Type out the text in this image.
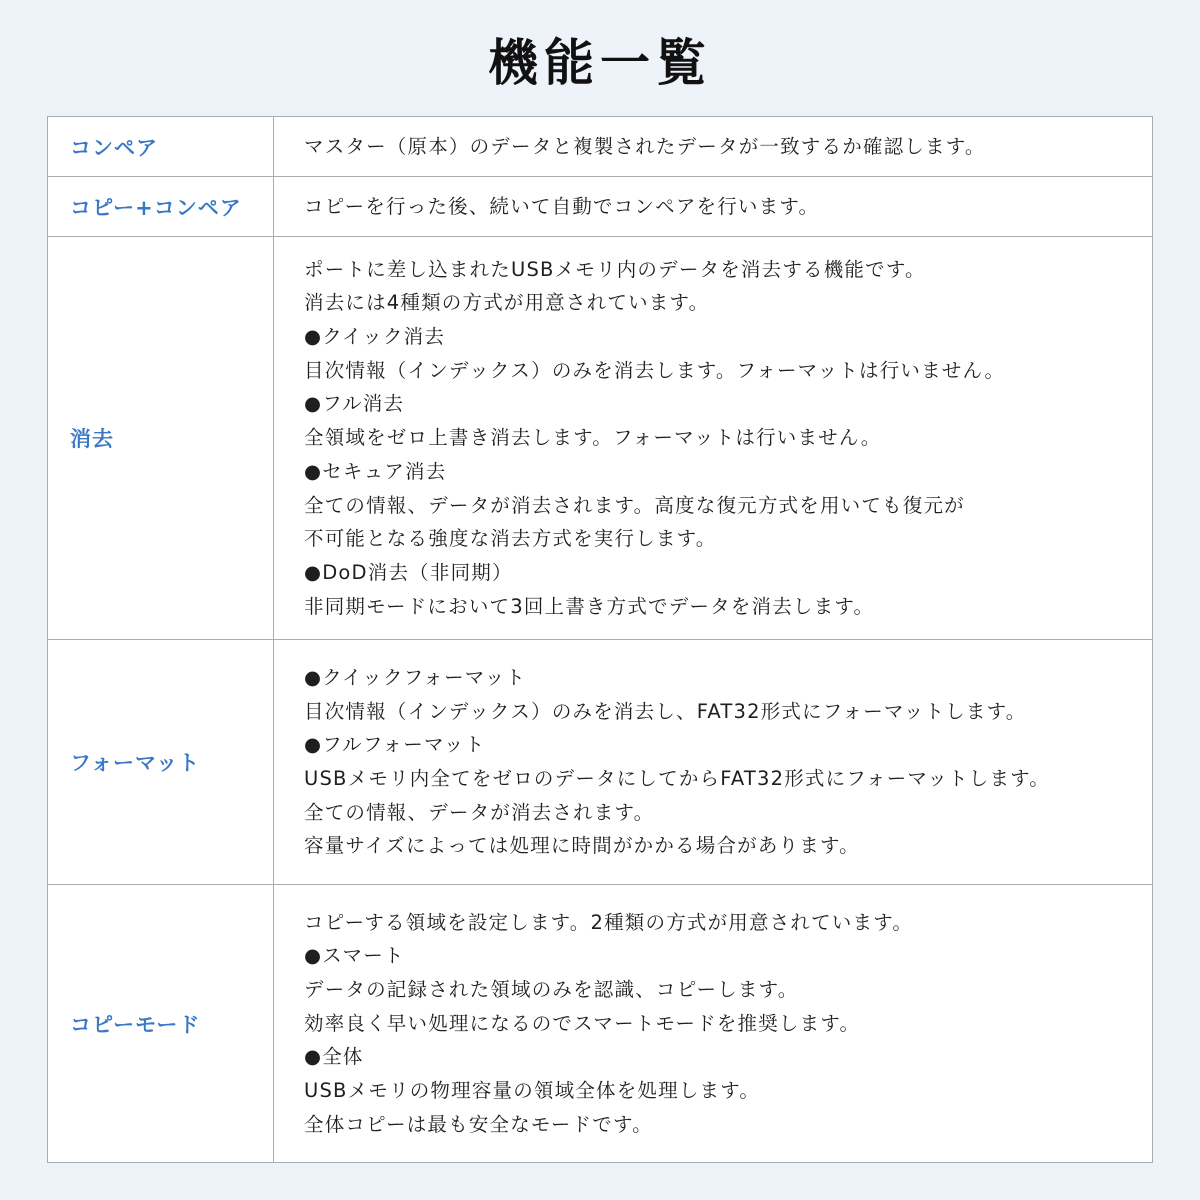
機能一覧
コンペア	マスター（原本）のデータと複製されたデータが一致するか確認します。
コピー+コンペア	コピーを行った後、続いて自動でコンペアを行います。
消去
ポートに差し込まれたUSBメモリ内のデータを消去する機能です。
消去には4種類の方式が用意されています。
●クイック消去
目次情報（インデックス）のみを消去します。フォーマットは行いません。
●フル消去
全領域をゼロ上書き消去します。フォーマットは行いません。
●セキュア消去
全ての情報、データが消去されます。高度な復元方式を用いても復元が
不可能となる強度な消去方式を実行します。
●DoD消去（非同期）
非同期モードにおいて3回上書き方式でデータを消去します。
フォーマット
●クイックフォーマット
目次情報（インデックス）のみを消去し、FAT32形式にフォーマットします。
●フルフォーマット
USBメモリ内全てをゼロのデータにしてからFAT32形式にフォーマットします。
全ての情報、データが消去されます。
容量サイズによっては処理に時間がかかる場合があります。
コピーモード
コピーする領域を設定します。2種類の方式が用意されています。
●スマート
データの記録された領域のみを認識、コピーします。
効率良く早い処理になるのでスマートモードを推奨します。
●全体
USBメモリの物理容量の領域全体を処理します。
全体コピーは最も安全なモードです。
